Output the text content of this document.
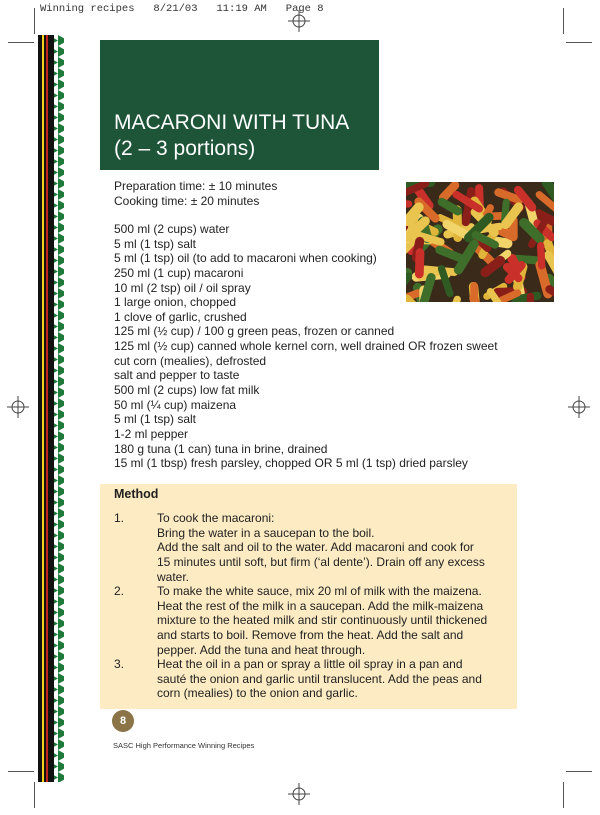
Winning recipes 8/21/03 11:19 AM Page 8
MACARONI WITH TUNA
(2 – 3 portions)
Preparation time: ± 10 minutes
Cooking time: ± 20 minutes
500 ml (2 cups) water
5 ml (1 tsp) salt
5 ml (1 tsp) oil (to add to macaroni when cooking)
250 ml (1 cup) macaroni
10 ml (2 tsp) oil / oil spray
1 large onion, chopped
1 clove of garlic, crushed
125 ml (½ cup) / 100 g green peas, frozen or canned
125 ml (½ cup) canned whole kernel corn, well drained OR frozen sweet
cut corn (mealies), defrosted
salt and pepper to taste
500 ml (2 cups) low fat milk
50 ml (¼ cup) maizena
5 ml (1 tsp) salt
1-2 ml pepper
180 g tuna (1 can) tuna in brine, drained
15 ml (1 tbsp) fresh parsley, chopped OR 5 ml (1 tsp) dried parsley
Method
1.	To cook the macaroni:
Bring the water in a saucepan to the boil.
Add the salt and oil to the water. Add macaroni and cook for
15 minutes until soft, but firm (‘al dente’). Drain off any excess
water.
2.	To make the white sauce, mix 20 ml of milk with the maizena.
Heat the rest of the milk in a saucepan. Add the milk-maizena
mixture to the heated milk and stir continuously until thickened
and starts to boil. Remove from the heat. Add the salt and
pepper. Add the tuna and heat through.
3.	Heat the oil in a pan or spray a little oil spray in a pan and
sauté the onion and garlic until translucent. Add the peas and
corn (mealies) to the onion and garlic.
8
SASC High Performance Winning Recipes
